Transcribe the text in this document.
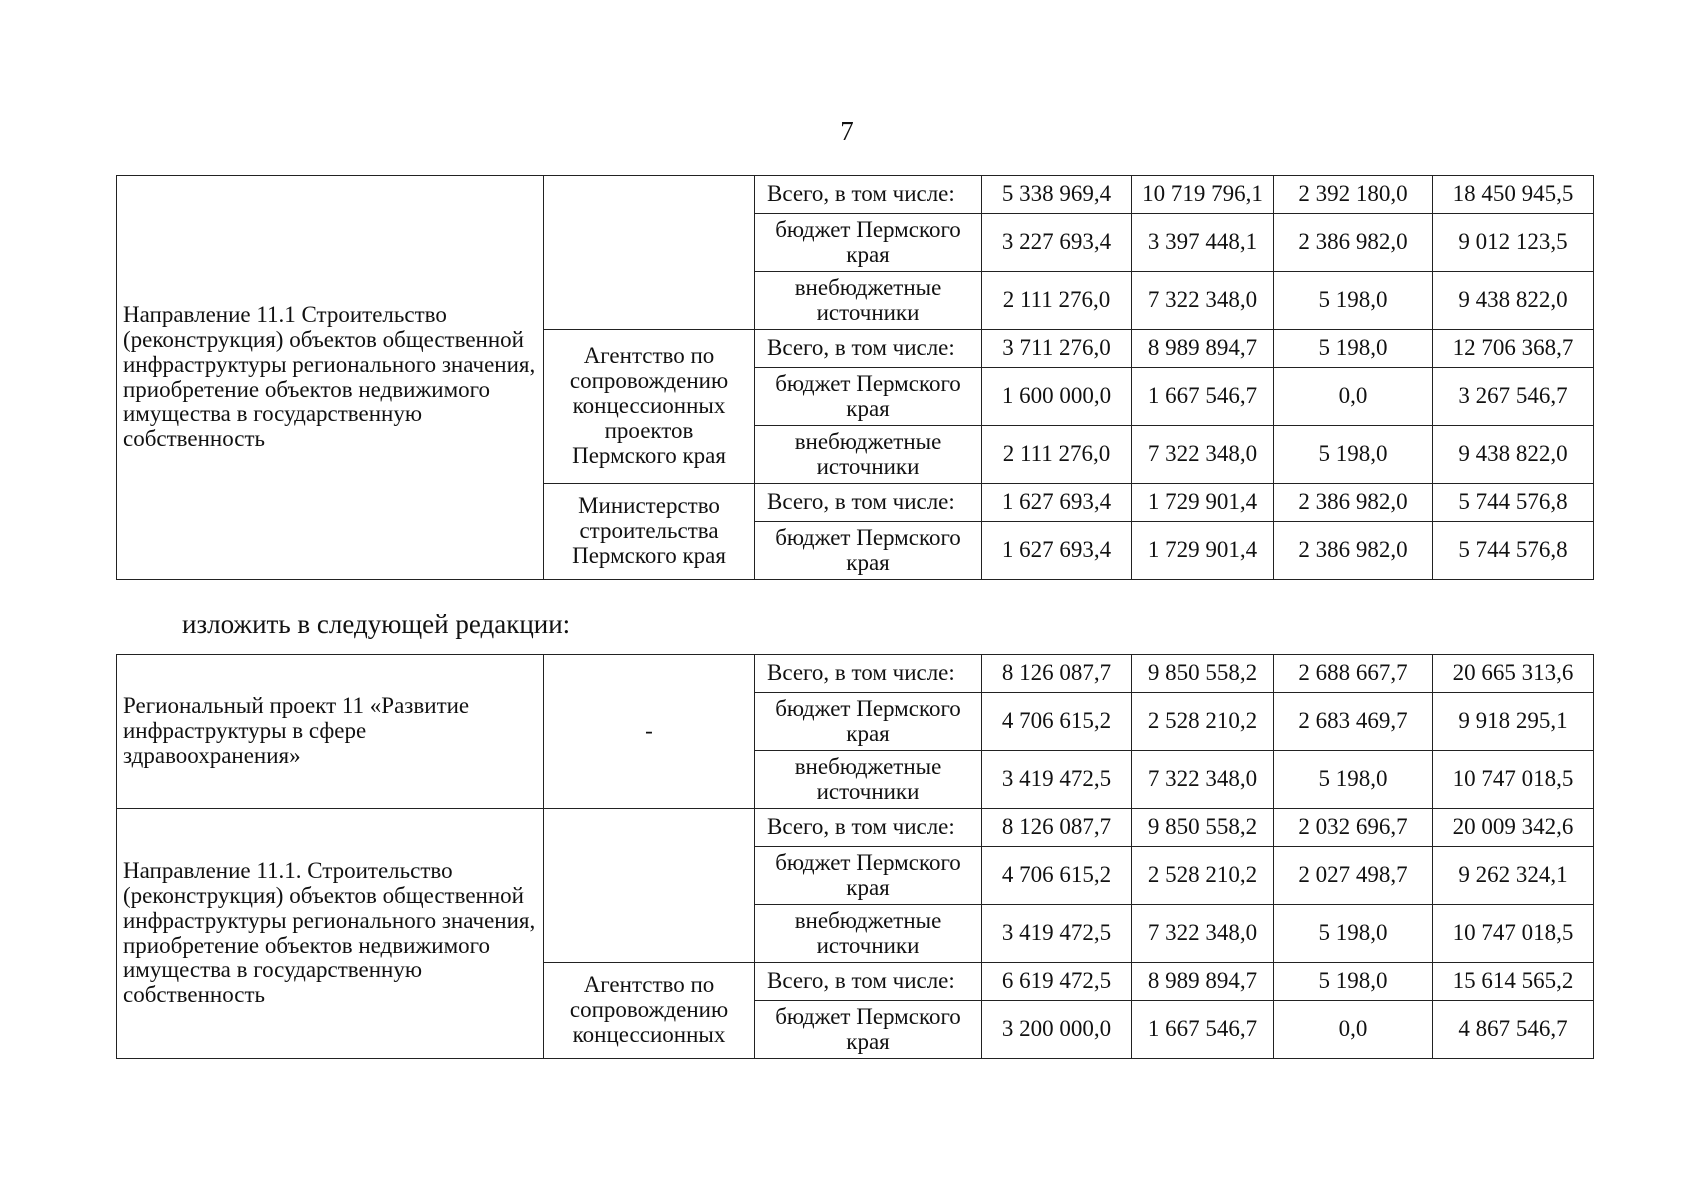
7
Направление 11.1 Строительство (реконструкция) объектов общественной инфраструктуры регионального значения, приобретение объектов недвижимого имущества в государственную собственность		Всего, в том числе:	5 338 969,4	10 719 796,1	2 392 180,0	18 450 945,5
		бюджет Пермского края	3 227 693,4	3 397 448,1	2 386 982,0	9 012 123,5
		внебюджетные источники	2 111 276,0	7 322 348,0	5 198,0	9 438 822,0
	Агентство по сопровождению концессионных проектов Пермского края	Всего, в том числе:	3 711 276,0	8 989 894,7	5 198,0	12 706 368,7
		бюджет Пермского края	1 600 000,0	1 667 546,7	0,0	3 267 546,7
		внебюджетные источники	2 111 276,0	7 322 348,0	5 198,0	9 438 822,0
	Министерство строительства Пермского края	Всего, в том числе:	1 627 693,4	1 729 901,4	2 386 982,0	5 744 576,8
		бюджет Пермского края	1 627 693,4	1 729 901,4	2 386 982,0	5 744 576,8
изложить в следующей редакции:
Региональный проект 11 «Развитие инфраструктуры в сфере здравоохранения»	-	Всего, в том числе:	8 126 087,7	9 850 558,2	2 688 667,7	20 665 313,6
		бюджет Пермского края	4 706 615,2	2 528 210,2	2 683 469,7	9 918 295,1
		внебюджетные источники	3 419 472,5	7 322 348,0	5 198,0	10 747 018,5
Направление 11.1. Строительство (реконструкция) объектов общественной инфраструктуры регионального значения, приобретение объектов недвижимого имущества в государственную собственность		Всего, в том числе:	8 126 087,7	9 850 558,2	2 032 696,7	20 009 342,6
		бюджет Пермского края	4 706 615,2	2 528 210,2	2 027 498,7	9 262 324,1
		внебюджетные источники	3 419 472,5	7 322 348,0	5 198,0	10 747 018,5
	Агентство по сопровождению концессионных	Всего, в том числе:	6 619 472,5	8 989 894,7	5 198,0	15 614 565,2
		бюджет Пермского края	3 200 000,0	1 667 546,7	0,0	4 867 546,7
